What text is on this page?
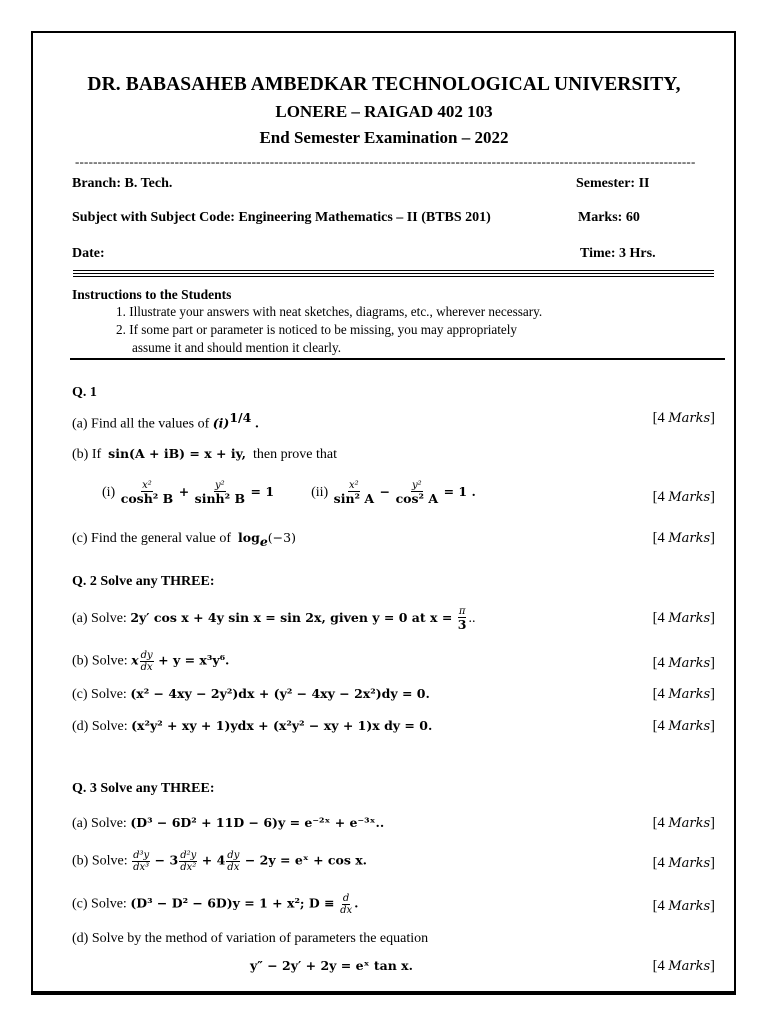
DR. BABASAHEB AMBEDKAR TECHNOLOGICAL UNIVERSITY,
LONERE – RAIGAD 402 103
End Semester Examination – 2022
-----------------------------------------------------------------------------------------------------------------------------------------
Branch: B. Tech.	Semester: II
Subject with Subject Code: Engineering Mathematics – II (BTBS 201)	Marks: 60
Date:	Time: 3 Hrs.
Instructions to the Students
1. Illustrate your answers with neat sketches, diagrams, etc., wherever necessary.
2. If some part or parameter is noticed to be missing, you may appropriately
assume it and should mention it clearly.
Q. 1
(a) Find all the values of $(i)^{1/4}$ .	[4 Marks]
(b) If sin(A + iB) = x + iy, then prove that
$(i) \frac{\text{x²}}{\text{cosh² B}} + \frac{\text{y²}}{\text{sinh² B}} = 1$	$(ii) \frac{\text{x²}}{\text{sin² A}} - \frac{\text{y²}}{\text{cos² A}} = 1$ .	[4 Marks]
(c) Find the general value of $\log_e(-3)$	[4 Marks]
Q. 2 Solve any THREE:
(a) Solve: 2y′ cos x + 4y sin x = sin 2x, given y = 0 at $x = \frac{\pi}{3}$ ..	[4 Marks]
(b) Solve: x $\frac{dy}{dx} + y = x^3y^6$.	[4 Marks]
(c) Solve: (x² − 4xy − 2y²)dx + (y² − 4xy − 2x²)dy = 0.	[4 Marks]
(d) Solve: (x²y² + xy + 1)ydx + (x²y² − xy + 1)x dy = 0.	[4 Marks]
Q. 3 Solve any THREE:
(a) Solve: (D³ − 6D² + 11D − 6)y = e⁻²ˣ + e⁻³ˣ..	[4 Marks]
(b) Solve: $\frac{\text{d³y}}{\text{dx³}} - 3 \frac{\text{d²y}}{\text{dx²}} + 4 \frac{dy}{dx} - 2y$ = eˣ + cos x.	[4 Marks]
(c) Solve: (D³ − D² − 6D)y = 1 + x²; $D \equiv \frac{d}{dx}$ .	[4 Marks]
(d) Solve by the method of variation of parameters the equation
y″ − 2y′ + 2y = eˣ tan x.	[4 Marks]
